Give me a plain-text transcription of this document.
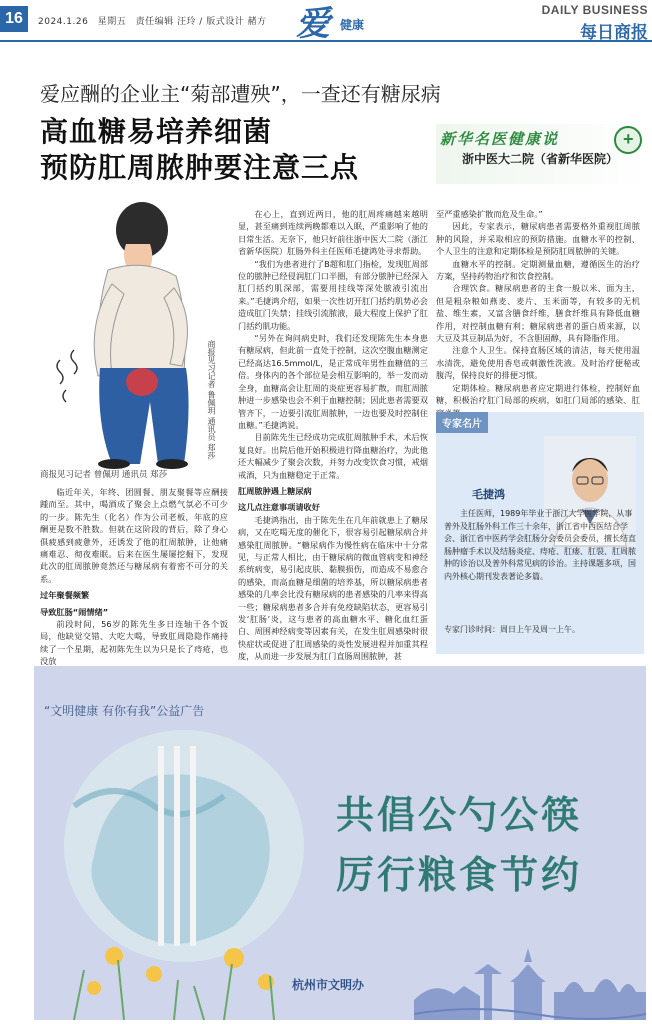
16	2024.1.26 星期五 责任编辑 汪玲 / 版式设计 赭方 爱 健康
DAILY BUSINESS
每日商报
爱应酬的企业主“菊部遭殃”，一查还有糖尿病
高血糖易培养细菌
预防肛周脓肿要注意三点
新华名医健康说
浙中医大二院（省新华医院）
+
商报见习记者 鲁佩玥 通讯员 郑莎
商报见习记者 曾佩玥 通讯员 郑莎

临近年关，年终、团圆餐、朋友聚餐等应酬接踵而至。其中，喝酒成了聚会上点燃气氛必不可少的一步。陈先生（化名）作为公司老板，年底的应酬更是数不胜数。但就在这阶段的背后，除了身心俱疲感到疲惫外，还诱发了他的肛周脓肿，让他痛痛难忍、彻夜难眠。后来在医生屡屡挖掘下，发现此次的肛周脓肿竟然还与糖尿病有着密不可分的关系。

过年聚餐频繁

导致肛肠“闹情绪”

前段时间，56岁的陈先生多日连轴干各个饭局，他缺觉交错、大吃大喝，导致肛周隐隐作痛持续了一个星期，起初陈先生以为只是长了痔疮，也没放

在心上，直到近两日，他的肛周疼痛越来越明显，甚至痛到连续两晚都难以入眠，严重影响了他的日常生活。无奈下，他只好前往浙中医大二院（浙江省新华医院）肛肠外科主任医师毛捷鸿处寻求帮助。

“我们为患者进行了B超和肛门指检，发现肛周部位的脓肿已经侵润肛门口半圈，有部分脓肿已经深入肛门括约肌深部，需要用挂线等深处脓液引流出来。”毛捷鸿介绍，如果一次性切开肛门括约肌势必会造成肛门失禁；挂线引流脓液，最大程度上保护了肛门括约肌功能。

“另外在询问病史时，我们还发现陈先生本身患有糖尿病，但此前一直处于控制，这次空腹血糖测定已经高达16.5mmol/L，是正常成年男性血糖值的三倍。身体内的各个部位是会相互影响的，举一发而动全身，血糖高会让肛周的炎症更容易扩散，而肛周脓肿进一步感染也会不利于血糖控制；因此患者需要双管齐下，一边要引流肛周脓肿，一边也要及时控制住血糖。”毛捷鸿说。

目前陈先生已经成功完成肛周脓肿手术，术后恢复良好。出院后他开始积极进行降血糖治疗，为此他还大幅减少了聚会次数，并努力改变饮食习惯，戒烟戒酒，只为血糖稳定于正常。

肛周脓肿遇上糖尿病

这几点注意事项请收好

毛捷鸿指出，由于陈先生在几年前就患上了糖尿病，又在吃喝无度的催化下，很容易引起糖尿病合并感染肛周脓肿。“糖尿病作为慢性病在临床中十分常见，与正常人相比，由于糖尿病的微血管病变和神经系统病变，易引起皮肤、黏膜损伤，而造成不易愈合的感染，而高血糖是细菌的培养基，所以糖尿病患者感染的几率会比没有糖尿病的患者感染的几率来得高一些；糖尿病患者多合并有免疫缺陷状态，更容易引发‘肛肠’炎，这与患者的高血糖水平、糖化血红蛋白、周围神经病变等因素有关，在发生肛周感染时很快症状或促进了肛周感染的炎性发展进程并加重其程度，从而进一步发展为肛门直肠周围脓肿，甚

至严重感染扩散而危及生命。”

因此，专家表示，糖尿病患者需要格外重视肛周脓肿的风险，并采取相应的预防措施。血糖水平的控制、个人卫生的注意和定期体检是预防肛周脓肿的关键。

血糖水平的控制。定期测量血糖，遵循医生的治疗方案，坚持药物治疗和饮食控制。

合理饮食。糖尿病患者的主食一般以米、面为主，但是粗杂粮如燕麦、麦片、玉米面等，有较多的无机盐、维生素，又富含膳食纤维，膳食纤维具有降低血糖作用，对控制血糖有利；糖尿病患者的蛋白质来源，以大豆及其豆制品为好，不含胆固醇，具有降脂作用。

注意个人卫生。保持直肠区域的清洁，每天使用温水清洗，避免使用香皂或刺激性洗液。及时治疗便秘或腹泻，保持良好的排便习惯。

定期体检。糖尿病患者应定期进行体检，控制好血糖，积极治疗肛门局部的疾病，如肛门局部的感染、肛

专家名片
毛捷鸿
主任医师，1989年毕业于浙江大学医学院，从事普外及肛肠外科工作三十余年，浙江省中西医结合学会、浙江省中医药学会肛肠分会委员会委员，擅长结直肠肿瘤手术以及结肠炎症、痔疮、肛瘘、肛裂、肛周脓肿的诊治以及普外科常见病的诊治。主持课题多项，国内外核心期刊发表著论多篇。
专家门诊时间：周日上午及周一上午。
“文明健康 有你有我”公益广告
共倡公勺公筷
厉行粮食节约
杭州市文明办
